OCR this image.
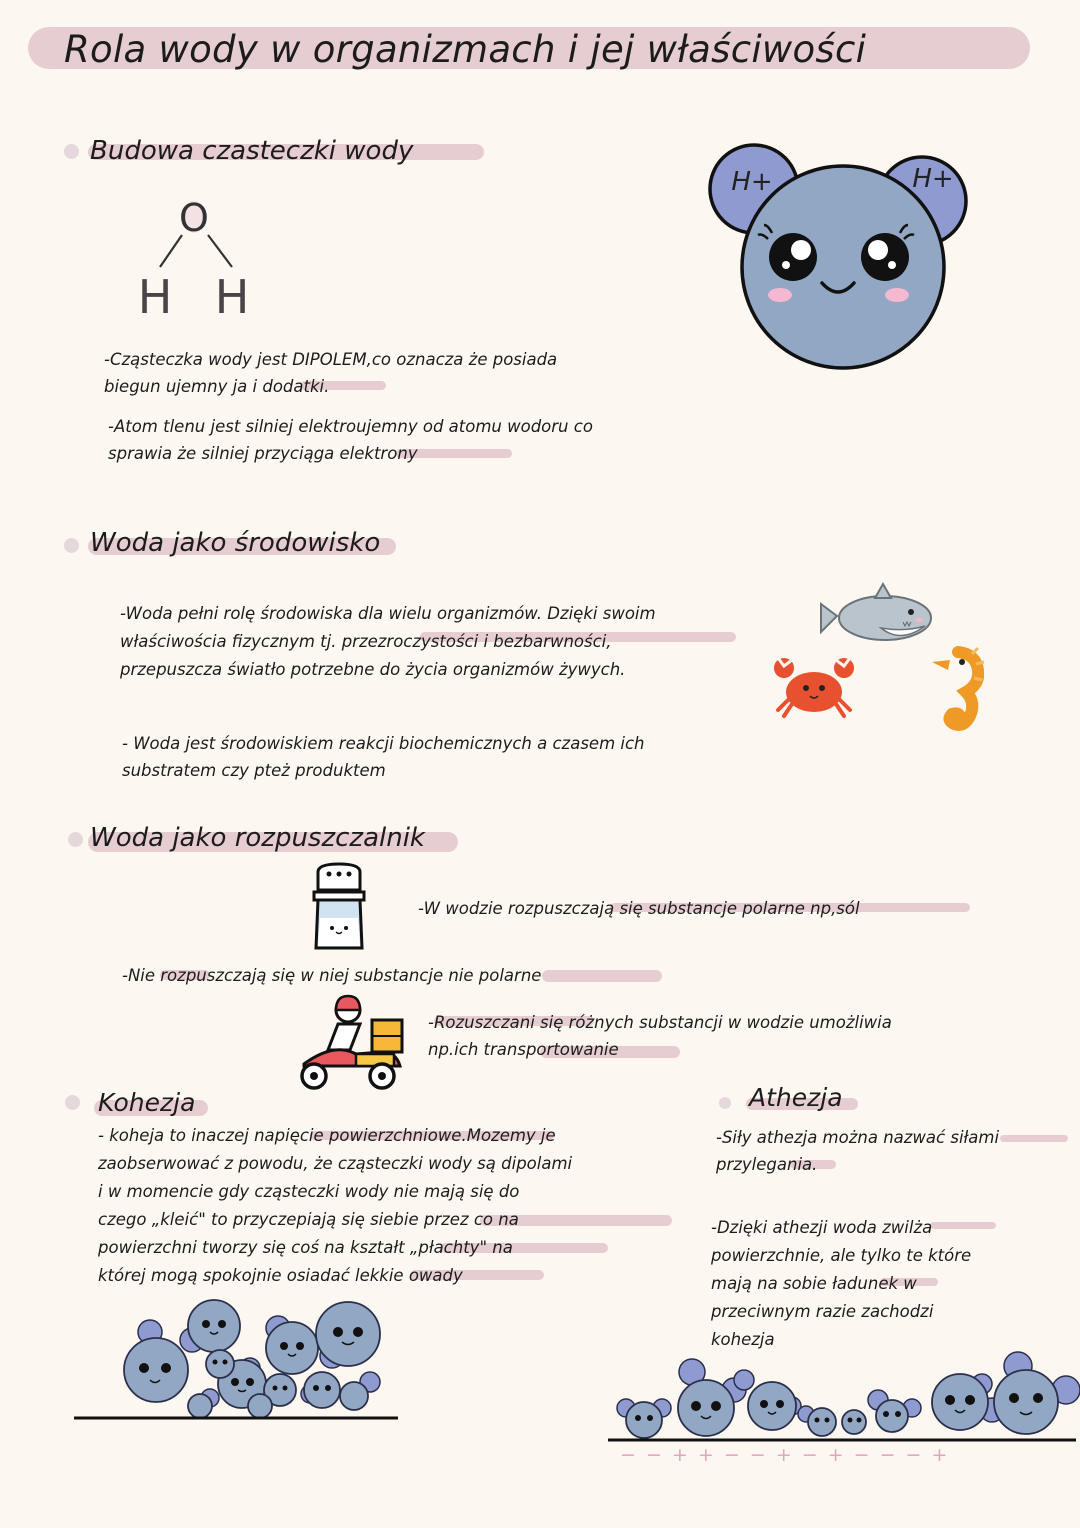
Rola wody w organizmach i jej właściwości
Budowa czasteczki wody
O
H H
-Cząsteczka wody jest DIPOLEM,co oznacza że posiada
biegun ujemny ja i dodatki.
-Atom tlenu jest silniej elektroujemny od atomu wodoru co
sprawia że silniej przyciąga elektrony
H+	H+
Woda jako środowisko
-Woda pełni rolę środowiska dla wielu organizmów. Dzięki swoim
właściwościa fizycznym tj. przezroczystości i bezbarwności,
przepuszcza światło potrzebne do życia organizmów żywych.
- Woda jest środowiskiem reakcji biochemicznych a czasem ich
substratem czy ptеż produktem
Woda jako rozpuszczalnik
-W wodzie rozpuszczają się substancje polarne np,sól
-Nie rozpuszczają się w niej substancje nie polarne
-Rozuszczani się różnych substancji w wodzie umożliwia
np.ich transportowanie
Kohezja
- koheja to inaczej napięcie powierzchniowe.Mozemy je
zaobserwować z powodu, że cząsteczki wody są dipolami
i w momencie gdy cząsteczki wody nie mają się do
czego „kleić" to przyczepiają się siebie przez co na
powierzchni tworzy się coś na kształt „płachty" na
której mogą spokojnie osiadać lekkie owady
Athezja
-Siły athezja można nazwać siłami
przylegania.
-Dzięki athezji woda zwilża
powierzchnie, ale tylko te które
mają na sobie ładunek w
przeciwnym razie zachodzi
kohezja
− − + + − − + − + − − − +
